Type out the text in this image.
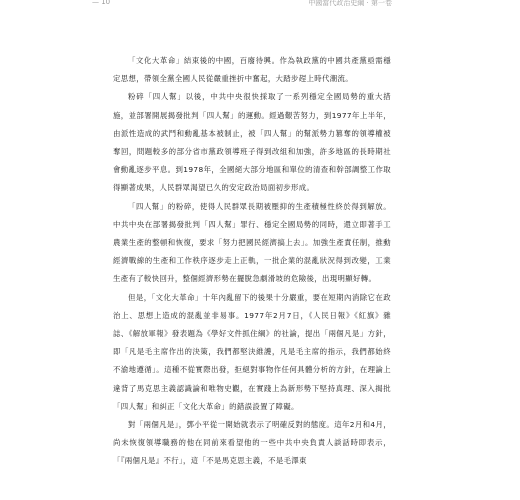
— 10	中國當代政治史綱 · 第一卷

「文化大革命」結束後的中國，百廢待興。作為執政黨的中國共產黨亟需穩定思想，帶領全黨全國人民從嚴重挫折中奮起，大踏步趕上時代潮流。

粉碎「四人幫」以後，中共中央很快採取了一系列穩定全國局勢的重大措施，並部署開展揭發批判「四人幫」的運動。經過艱苦努力，到1977年上半年，由派性造成的武鬥和動亂基本被制止，被「四人幫」的幫派勢力篡奪的領導權被奪回，問題較多的部分省市黨政領導班子得到改組和加強，許多地區的長時期社會動亂逐步平息。到1978年，全國絕大部分地區和單位的清查和幹部調整工作取得顯著成果，人民群眾渴望已久的安定政治局面初步形成。

「四人幫」的粉碎，使得人民群眾長期被壓抑的生產積極性終於得到解放。中共中央在部署揭發批判「四人幫」罪行、穩定全國局勢的同時，還立即著手工農業生產的整頓和恢復，要求「努力把國民經濟搞上去」。加強生產責任制，推動經濟戰線的生產和工作秩序逐步走上正軌，一批企業的混亂狀況得到改變，工業生產有了較快回升，整個經濟形勢在擺脫急劇滑坡的危險後，出現明顯好轉。

但是，「文化大革命」十年內亂留下的後果十分嚴重，要在短期內消除它在政治上、思想上造成的混亂並非易事。1977年2月7日，《人民日報》《紅旗》雜誌、《解放軍報》發表題為《學好文件抓住綱》的社論，提出「兩個凡是」方針，即「凡是毛主席作出的決策，我們都堅決維護，凡是毛主席的指示，我們都始終不渝地遵循」。這種不從實際出發，拒絕對事物作任何具體分析的方針，在理論上違背了馬克思主義認識論和唯物史觀，在實踐上為新形勢下堅持真理、深入揭批「四人幫」和糾正「文化大革命」的錯誤設置了障礙。

對「兩個凡是」，鄧小平從一開始就表示了明確反對的態度。這年2月和4月，尚未恢復領導職務的他在同前來看望他的一些中共中央負責人談話時即表示，「『兩個凡是』不行」，這「不是馬克思主義，不是毛澤東
